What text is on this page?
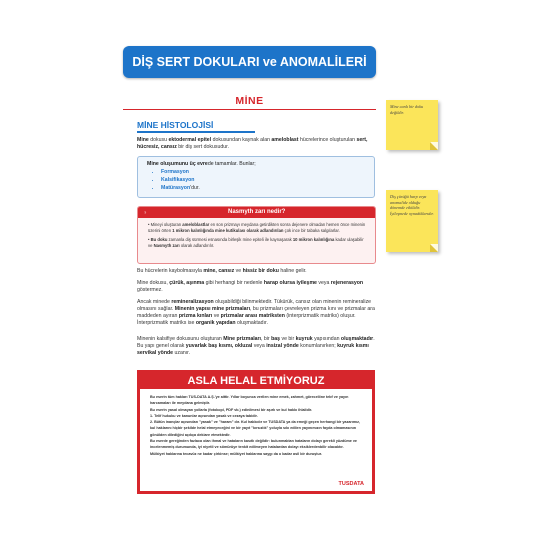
DİŞ SERT DOKULARI ve ANOMALİLERİ
MİNE
MİNE HİSTOLOJİSİ
Mine dokusu ektodermal epitel dokusundan kaynak alan ameloblast hücrelerince oluşturulan sert, hücresiz, cansız bir diş sert dokusudur.
Mine oluşumunu üç evrede tamamlar. Bunlar;
• Formasyon
• Kalsifikasyon
• Matürasyon'dur.
?	Nasmyth zarı nedir?
• Mineyi oluşturan ameloblastlar en son prizmayı meydana getirdikten sonra dejenere olmadan hemen önce minenin üzerini örten 1 mikron kalınlığında mine kutikulası olarak adlandırılan çok ince bir tabaka salgılarlar.
• Bu doku zamanla diş sürmesi esnasında birleşik mine epiteli ile kaynaşarak 10 mikron kalınlığına kadar ulaşabilir ve Nasmyth zarı olarak adlandırılır.
Bu hücrelerin kaybolmasıyla mine, cansız ve hissiz bir doku haline gelir.
Mine dokusu, çürük, aşınma gibi herhangi bir nedenle harap olursa iyileşme veya rejenerasyon göstermez.
Ancak minede remineralizasyon oluşabildiği bilinmektedir. Tükürük, cansız olan minenin remineralize olmasını sağlar. Minenin yapısı mine prizmaları, bu prizmaları çevreleyen prizma kını ve prizmalar ara maddeden ayıran prizma kınları ve prizmalar arası matriksten (interprizmatik matriks) oluşur. İnterprizmatik matriks ise organik yapıdan oluşmaktadır.
Minenin kalsifiye dokusunu oluşturan Mine prizmaları, bir baş ve bir kuyruk yapısından oluşmaktadır. Bu yapı genel olarak yuvarlak baş kısmı, okluzal veya insizal yönde konumlanırken; kuyruk kısmı servikal yönde uzanır.
Mine canlı bir doku değildir.
Diş çürüğü harp veya anomalide olduğu dönemde etkilidir. İyileşmede oynadıklarıdır.
ASLA HELAL ETMİYORUZ

Bu eserin tüm hakları TUS-DATA A.Ş.'ye aittir. Yıllar boyunca verilen mine emek, zahmet, göreceliine tebf ve yayın harcamaları ile meydana gelmiştir.

Bu eserin yasal olmayan yollarla (fotokopi, PDF vb.) edinilmesi bir aşırlı ve kul hakkı ihlalidir.

1. Telif hukuku ve kanunlar açısından yasak ve cezaya tabidir.

2. Bütün inançlar açısından "yasak" ve "haram" dır. Kul hakkıdır ve TUSDATA ya da emeği geçen herhangi bir yazarımız, kul haklarını hiçbir şekilde helal etmeyeceğini ve bir yayıt "kırsızlık" yoluyla sıkı edilen yayınımızın fayda olmamasının gönülden dilediğini açıkça dekiare etmektedir.

Bu eserde gereğinden fazlaca olan ihmal ve hataların kasıtlı değildir: bulunmaktan hataların dolayı gerekli yüzdüme ve incelenmemiş durumunda, iyi niyetli ve sömürüye tenkit edilmeyen hatalardan dolayı eksiklerdenbilir olacaktır.

Mülkiyet haklarına tecavüz ne kadar çirkinse; mülkiyet haklarına saygı da o kadar asil bir duruştur.

TUSDATA
